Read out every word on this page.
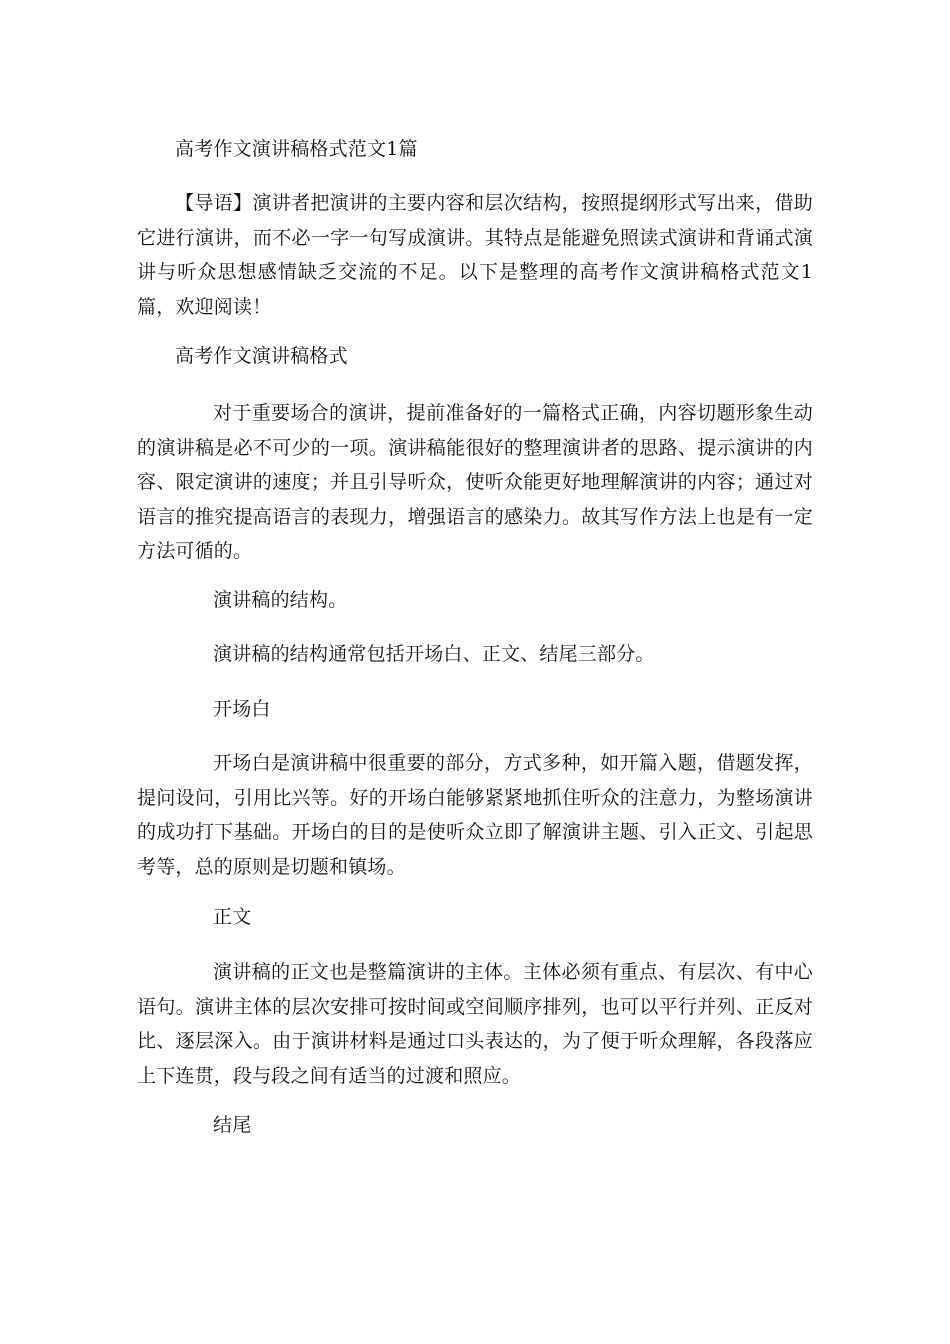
高考作文演讲稿格式范文1篇

【导语】演讲者把演讲的主要内容和层次结构，按照提纲形式写出来，借助它进行演讲，而不必一字一句写成演讲。其特点是能避免照读式演讲和背诵式演讲与听众思想感情缺乏交流的不足。以下是整理的高考作文演讲稿格式范文1篇，欢迎阅读！

高考作文演讲稿格式

对于重要场合的演讲，提前准备好的一篇格式正确，内容切题形象生动的演讲稿是必不可少的一项。演讲稿能很好的整理演讲者的思路、提示演讲的内容、限定演讲的速度；并且引导听众，使听众能更好地理解演讲的内容；通过对语言的推究提高语言的表现力，增强语言的感染力。故其写作方法上也是有一定方法可循的。

演讲稿的结构。

演讲稿的结构通常包括开场白、正文、结尾三部分。

开场白

开场白是演讲稿中很重要的部分，方式多种，如开篇入题，借题发挥，提问设问，引用比兴等。好的开场白能够紧紧地抓住听众的注意力，为整场演讲的成功打下基础。开场白的目的是使听众立即了解演讲主题、引入正文、引起思考等，总的原则是切题和镇场。

正文

演讲稿的正文也是整篇演讲的主体。主体必须有重点、有层次、有中心语句。演讲主体的层次安排可按时间或空间顺序排列，也可以平行并列、正反对比、逐层深入。由于演讲材料是通过口头表达的，为了便于听众理解，各段落应上下连贯，段与段之间有适当的过渡和照应。

结尾
